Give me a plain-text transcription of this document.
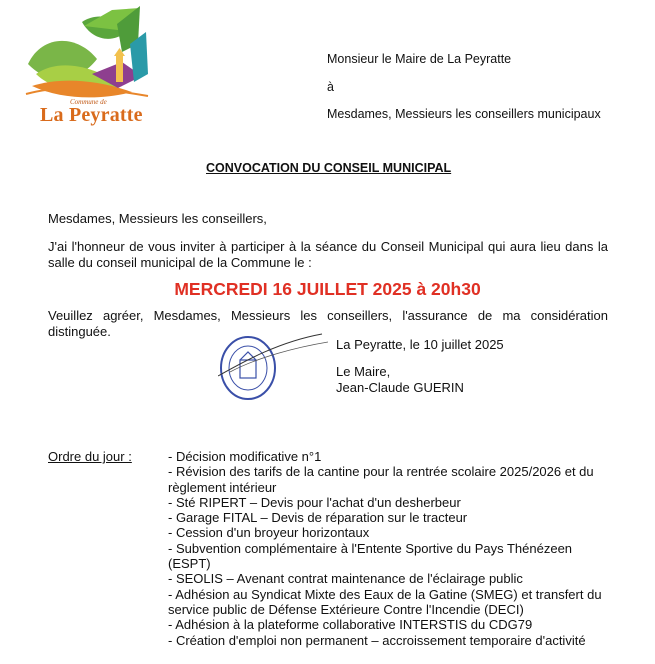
Commune de
La Peyratte
Monsieur le Maire de La Peyratte
à
Mesdames, Messieurs les conseillers municipaux
CONVOCATION DU CONSEIL MUNICIPAL
Mesdames, Messieurs les conseillers,
J'ai l'honneur de vous inviter à participer à la séance du Conseil Municipal qui aura lieu dans la salle du conseil municipal de la Commune le :
MERCREDI 16 JUILLET 2025 à 20h30
Veuillez agréer, Mesdames, Messieurs les conseillers, l'assurance de ma considération distinguée.
La Peyratte, le 10 juillet 2025
Le Maire,
Jean-Claude GUERIN
Ordre du jour :	- Décision modificative n°1
- Révision des tarifs de la cantine pour la rentrée scolaire 2025/2026 et du règlement intérieur
- Sté RIPERT – Devis pour l'achat d'un desherbeur
- Garage FITAL – Devis de réparation sur le tracteur
- Cession d'un broyeur horizontaux
- Subvention complémentaire à l'Entente Sportive du Pays Thénézeen (ESPT)
- SEOLIS – Avenant contrat maintenance de l'éclairage public
- Adhésion au Syndicat Mixte des Eaux de la Gatine (SMEG) et transfert du service public de Défense Extérieure Contre l'Incendie (DECI)
- Adhésion à la plateforme collaborative INTERSTIS du CDG79
- Création d'emploi non permanent – accroissement temporaire d'activité
